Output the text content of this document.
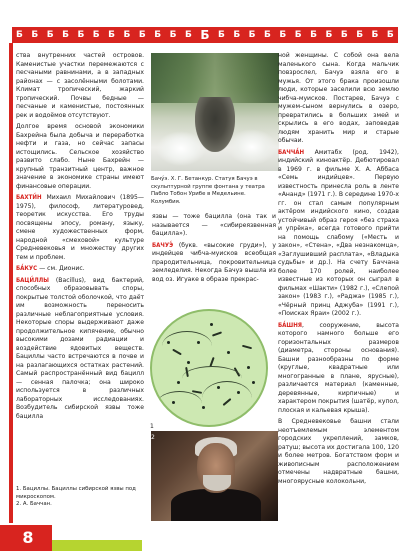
Б Б Б Б Б Б Б Б Б Б Б Б Б Б Б Б Б Б Б Б Б Б Б Б Б

ства внутренних частей островов. Каменистые участки перемежаются с песчаными равнинами, а в западных районах — с засолёнными болотами. Климат тропический, жаркий тропический. Почвы бедные — песчаные и каменистые, постоянных рек и водоёмов отсутствуют.

Долгое время основой экономики Бахрейна была добыча и переработка нефти и газа, но сейчас запасы истощились. Сельское хозяйство развито слабо. Ныне Бахрейн — крупный транзитный центр, важное значение в экономике страны имеют финансовые операции.

БАХТИ́Н Михаил Михайлович (1895—1975), философ, литературовед, теоретик искусства. Его труды посвящены эпосу, роману, языку, смене художественных форм, народной «смеховой» культуре Средневековья и множеству других тем и проблем.

БА́КУС — см. Дионис.

БАЦИ́ЛЛЫ (Bacillus), вид бактерий, способных образовывать споры, покрытые толстой оболочкой, что даёт им возможность переносить различные неблагоприятные условия. Некоторые споры выдерживают даже продолжительное кипячение, обычно высокими дозами радиации и воздействие ядовитых веществ. Бациллы часто встречаются в почве и на разлагающихся остатках растений. Самый распространённый вид бацилл — сенная палочка; она широко используется в различных лабораторных исследованиях. Возбудитель сибирской язвы тоже бацилла

Бачу́э. Х. Г. Бетанкур. Статуя Бачуэ в скульптурной группе фонтана у театра Пабло Тобон Урибе в Медельине. Колумбия.

язвы — тоже бацилла (она так и называется — «сибиреязвенная бацилла»).

БАЧУЭ́ (букв. «высокие груди»), у индейцев чибча-муисков всеобщая прародительница, покровительница земледелия. Некогда Бачуэ вышла из вод оз. Игуаке в образе прекрас-

1
2

ной женщины. С собой она вела маленького сына. Когда мальчик повзрослел, Бачуэ взяла его в мужья. От этого брака произошли люди, которые заселили всю землю чибча-муисков. Постарев, Бачуэ с мужем-сыном вернулись в озеро, превратились в больших змей и скрылись в его водах, заповедав людям хранить мир и старые обычаи.

БАЧЧА́Н Амитабх (род. 1942), индийский киноактёр. Дебютировал в 1969 г. в фильме Х. А. Аббаса «Семь индийцев». Первую известность принесла роль в ленте «Ананд» (1971 г.). В середине 1970-х гг. он стал самым популярным актёром индийского кино, создав устойчивый образ героя «без страха и упрёка», всегда готового прийти на помощь слабому («Месть и закон», «Стена», «Два незнакомца», «Заглушивший расплата», «Владыка судьбы» и др.). На счету Баччана более 170 ролей, наиболее известные из которых он сыграл в фильмах «Шакти» (1982 г.), «Слепой закон» (1983 г.), «Раджа» (1985 г.), «Чёрный принц Аджуба» (1991 г.), «Поисках Яраи» (2002 г.).

БА́ШНЯ, сооружение, высота которого намного больше его горизонтальных размеров (диаметра, стороны основания). Башни разнообразны по форме (круглые, квадратные или многогранные в плане, ярусные), различается материал (каменные, деревянные, кирпичные) и характером покрытия (шатёр, купол, плоская и кальевая крыша).

В Средневековье башни стали неотъемлемым элементом городских укреплений, замков, ратуш; высота их достигала 100, 120 и более метров. Богатством форм и живописным расположением отмечены надвратные башни, многоярусные колокольни,

1. Бациллы. Бациллы сибирской язвы под микроскопом.

2. А. Баччан.

8
